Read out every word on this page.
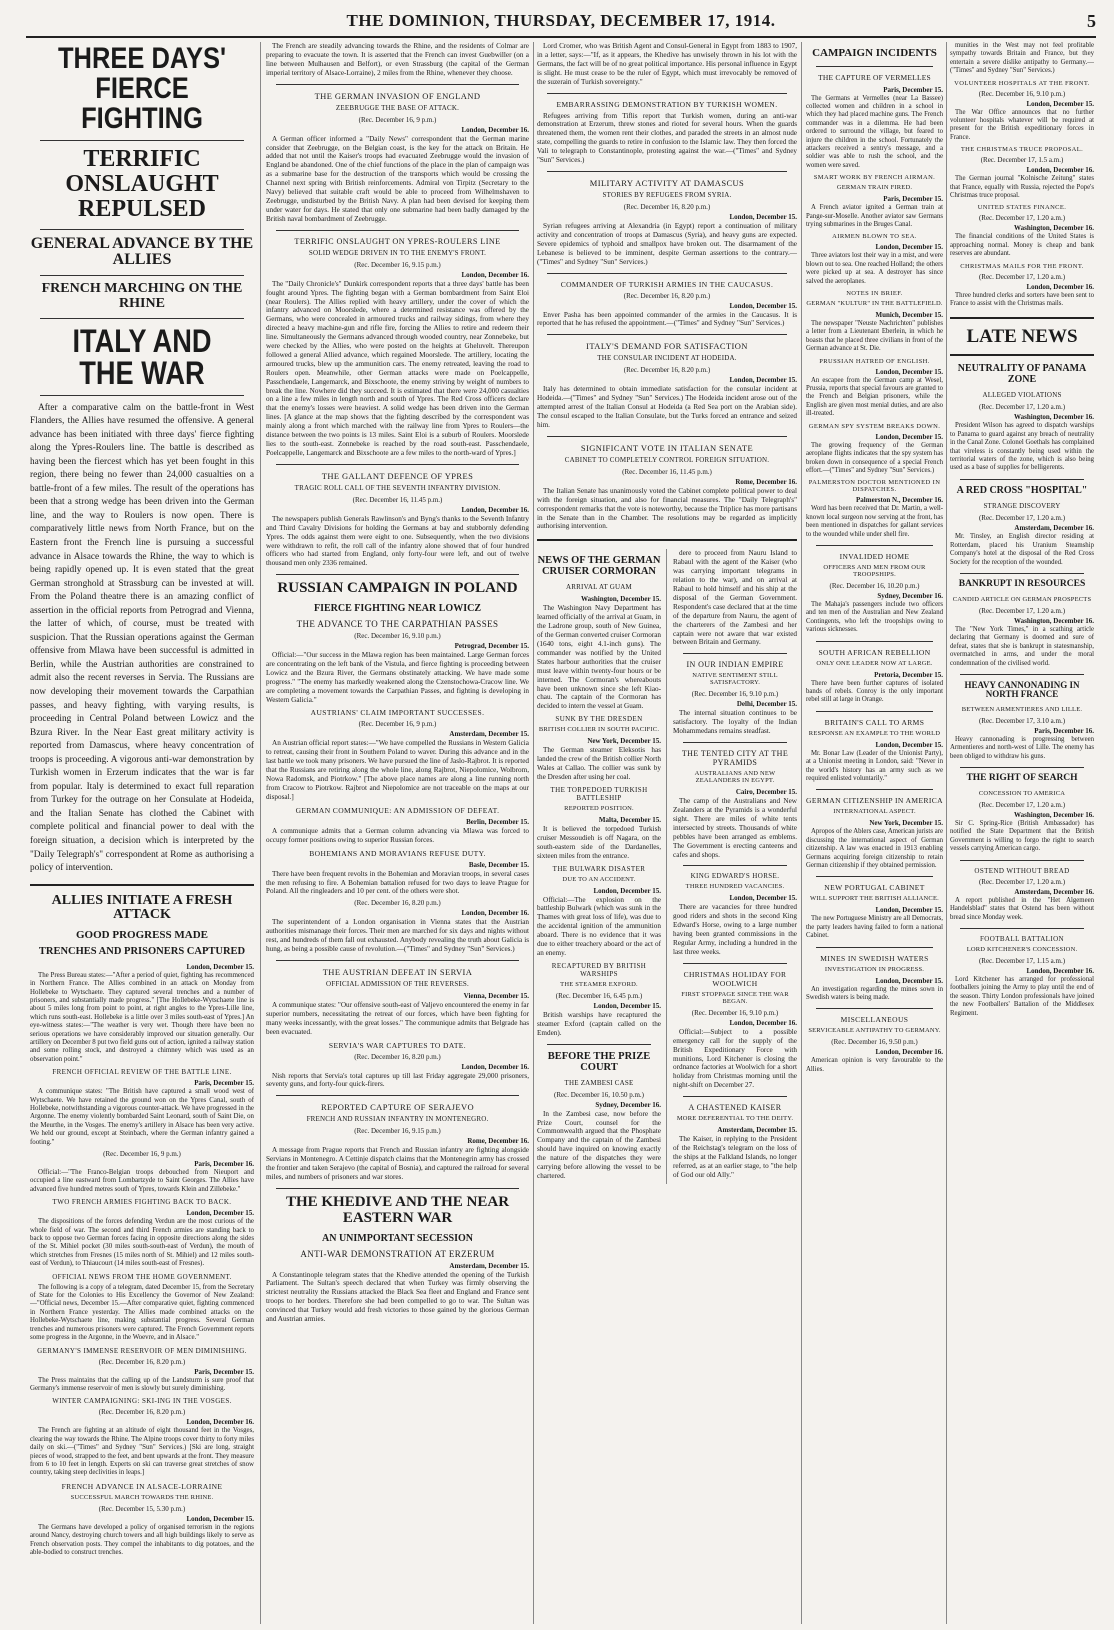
THE DOMINION, THURSDAY, DECEMBER 17, 1914.	5
THREE DAYS' FIERCE FIGHTING
TERRIFIC ONSLAUGHT REPULSED
GENERAL ADVANCE BY THE ALLIES
FRENCH MARCHING ON THE RHINE
ITALY AND THE WAR

After a comparative calm on the battle-front in West Flanders, the Allies have resumed the offensive. A general advance has been initiated with three days' fierce fighting along the Ypres-Roulers line. The battle is described as having been the fiercest which has yet been fought in this region, there being no fewer than 24,000 casualties on a battle-front of a few miles. The result of the operations has been that a strong wedge has been driven into the German line, and the way to Roulers is now open. There is comparatively little news from North France, but on the Eastern front the French line is pursuing a successful advance in Alsace towards the Rhine, the way to which is being rapidly opened up. It is even stated that the great German stronghold at Strassburg can be invested at will. From the Poland theatre there is an amazing conflict of assertion in the official reports from Petrograd and Vienna, the latter of which, of course, must be treated with suspicion. That the Russian operations against the German offensive from Mlawa have been successful is admitted in Berlin, while the Austrian authorities are constrained to admit also the recent reverses in Servia. The Russians are now developing their movement towards the Carpathian passes, and heavy fighting, with varying results, is proceeding in Central Poland between Lowicz and the Bzura River. In the Near East great military activity is reported from Damascus, where heavy concentration of troops is proceeding. A vigorous anti-war demonstration by Turkish women in Erzerum indicates that the war is far from popular. Italy is determined to exact full reparation from Turkey for the outrage on her Consulate at Hodeida, and the Italian Senate has clothed the Cabinet with complete political and financial power to deal with the foreign situation, a decision which is interpreted by the "Daily Telegraph's" correspondent at Rome as authorising a policy of intervention.

ALLIES INITIATE A FRESH ATTACK
GOOD PROGRESS MADE
TRENCHES AND PRISONERS CAPTURED
London, December 15.

The Press Bureau states:—"After a period of quiet, fighting has recommenced in Northern France. The Allies combined in an attack on Monday from Hollebeke to Wytschaete. They captured several trenches and a number of prisoners, and substantially made progress." [The Hollebeke-Wytschaete line is about 5 miles long from point to point, at right angles to the Ypres-Lille line, which runs south-east. Hollebeke is a little over 3 miles south-east of Ypres.] An eye-witness states:—"The weather is very wet. Though there have been no serious operations we have considerably improved our situation generally. Our artillery on December 8 put two field guns out of action, ignited a railway station and some rolling stock, and destroyed a chimney which was used as an observation point."

FRENCH OFFICIAL REVIEW OF THE BATTLE LINE.
Paris, December 15.

A communique states: "The British have captured a small wood west of Wytschaete. We have retained the ground won on the Ypres Canal, south of Hollebeke, notwithstanding a vigorous counter-attack. We have progressed in the Argonne. The enemy violently bombarded Saint Leonard, south of Saint Die, on the Meurthe, in the Vosges. The enemy's artillery in Alsace has been very active. We held our ground, except at Steinbach, where the German infantry gained a footing."

(Rec. December 16, 9 p.m.)
Paris, December 16.

Official:—"The Franco-Belgian troops debouched from Nieuport and occupied a line eastward from Lombartzyde to Saint Georges. The Allies have advanced five hundred metres south of Ypres, towards Klein and Zillebeke."

TWO FRENCH ARMIES FIGHTING BACK TO BACK.
London, December 15.

The dispositions of the forces defending Verdun are the most curious of the whole field of war. The second and third French armies are standing back to back to oppose two German forces facing in opposite directions along the sides of the St. Mihiel pocket (30 miles south-south-east of Verdun), the mouth of which stretches from Fresnes (15 miles north of St. Mihiel) and 12 miles south-east of Verdun), to Thiaucourt (14 miles south-east of Fresnes).

OFFICIAL NEWS FROM THE HOME GOVERNMENT.

The following is a copy of a telegram, dated December 15, from the Secretary of State for the Colonies to His Excellency the Governor of New Zealand:—"Official news, December 15.—After comparative quiet, fighting commenced in Northern France yesterday. The Allies made combined attacks on the Hollebeke-Wytschaete line, making substantial progress. Several German trenches and numerous prisoners were captured. The French Government reports some progress in the Argonne, in the Woevre, and in Alsace."

GERMANY'S IMMENSE RESERVOIR OF MEN DIMINISHING.
(Rec. December 16, 8.20 p.m.)
Paris, December 15.

The Press maintains that the calling up of the Landsturm is sure proof that Germany's immense reservoir of men is slowly but surely diminishing.

WINTER CAMPAIGNING: SKI-ING IN THE VOSGES.
(Rec. December 16, 8.20 p.m.)
London, December 16.

The French are fighting at an altitude of eight thousand feet in the Vosges, clearing the way towards the Rhine. The Alpine troops cover thirty to forty miles daily on ski.—("Times" and Sydney "Sun" Services.) [Ski are long, straight pieces of wood, strapped to the feet, and bent upwards at the front. They measure from 6 to 10 feet in length. Experts on ski can traverse great stretches of snow country, taking steep declivities in leaps.]

FRENCH ADVANCE IN ALSACE-LORRAINE
SUCCESSFUL MARCH TOWARDS THE RHINE.
(Rec. December 15, 5.30 p.m.)
London, December 15.

The Germans have developed a policy of organised terrorism in the regions around Nancy, destroying church towers and all high buildings likely to serve as French observation posts. They compel the inhabitants to dig potatoes, and the able-bodied to construct trenches.

The French are steadily advancing towards the Rhine, and the residents of Colmar are preparing to evacuate the town. It is asserted that the French can invest Guebwiller (on a line between Mulhausen and Belfort), or even Strassburg (the capital of the German imperial territory of Alsace-Lorraine), 2 miles from the Rhine, whenever they choose.

THE GERMAN INVASION OF ENGLAND
ZEEBRUGGE THE BASE OF ATTACK.
(Rec. December 16, 9 p.m.)
London, December 16.

A German officer informed a "Daily News" correspondent that the German marine consider that Zeebrugge, on the Belgian coast, is the key for the attack on Britain. He added that not until the Kaiser's troops had evacuated Zeebrugge would the invasion of England be abandoned. One of the chief functions of the place in the plan of campaign was as a submarine base for the destruction of the transports which would be crossing the Channel next spring with British reinforcements. Admiral von Tirpitz (Secretary to the Navy) believed that suitable craft would be able to proceed from Wilhelmshaven to Zeebrugge, undisturbed by the British Navy. A plan had been devised for keeping them under water for days. He stated that only one submarine had been badly damaged by the British naval bombardment of Zeebrugge.

TERRIFIC ONSLAUGHT ON YPRES-ROULERS LINE
SOLID WEDGE DRIVEN IN TO THE ENEMY'S FRONT.
(Rec. December 16, 9.15 p.m.)
London, December 16.

The "Daily Chronicle's" Dunkirk correspondent reports that a three days' battle has been fought around Ypres. The fighting began with a German bombardment from Saint Eloi (near Roulers). The Allies replied with heavy artillery, under the cover of which the infantry advanced on Moorslede, where a determined resistance was offered by the Germans, who were concealed in armoured trucks and railway sidings, from where they directed a heavy machine-gun and rifle fire, forcing the Allies to retire and redeem their line. Simultaneously the Germans advanced through wooded country, near Zonnebeke, but were checked by the Allies, who were posted on the heights at Gheluvelt. Thereupon followed a general Allied advance, which regained Moorslede. The artillery, locating the armoured trucks, blew up the ammunition cars. The enemy retreated, leaving the road to Roulers open. Meanwhile, other German attacks were made on Poelcappelle, Passchendaele, Langemarck, and Bixschoote, the enemy striving by weight of numbers to break the line. Nowhere did they succeed. It is estimated that there were 24,000 casualties on a line a few miles in length north and south of Ypres. The Red Cross officers declare that the enemy's losses were heaviest. A solid wedge has been driven into the German lines. [A glance at the map shows that the fighting described by the correspondent was mainly along a front which marched with the railway line from Ypres to Roulers—the distance between the two points is 13 miles. Saint Eloi is a suburb of Roulers. Moorslede lies to the south-east. Zonnebeke is reached by the road south-east. Passchendaele, Poelcappelle, Langemarck and Bixschoote are a few miles to the north-ward of Ypres.]

THE GALLANT DEFENCE OF YPRES
TRAGIC ROLL CALL OF THE SEVENTH INFANTRY DIVISION.
(Rec. December 16, 11.45 p.m.)
London, December 16.

The newspapers publish Generals Rawlinson's and Byng's thanks to the Seventh Infantry and Third Cavalry Divisions for holding the Germans at bay and stubbornly defending Ypres. The odds against them were eight to one. Subsequently, when the two divisions were withdrawn to refit, the roll call of the infantry alone showed that of four hundred officers who had started from England, only forty-four were left, and out of twelve thousand men only 2336 remained.

RUSSIAN CAMPAIGN IN POLAND
FIERCE FIGHTING NEAR LOWICZ
THE ADVANCE TO THE CARPATHIAN PASSES
(Rec. December 16, 9.10 p.m.)
Petrograd, December 15.

Official:—"Our success in the Mlawa region has been maintained. Large German forces are concentrating on the left bank of the Vistula, and fierce fighting is proceeding between Lowicz and the Bzura River, the Germans obstinately attacking. We have made some progress." "The enemy has markedly weakened along the Czenstochowa-Cracow line. We are completing a movement towards the Carpathian Passes, and fighting is developing in Western Galicia."

AUSTRIANS' CLAIM IMPORTANT SUCCESSES.
(Rec. December 16, 9 p.m.)
Amsterdam, December 15.

An Austrian official report states:—"We have compelled the Russians in Western Galicia to retreat, causing their front in Southern Poland to waver. During this advance and in the last battle we took many prisoners. We have pursued the line of Jaslo-Rajbrot. It is reported that the Russians are retiring along the whole line, along Rajbrot, Niepolomice, Wolbrom, Nowa Radomsk, and Piotrkow." [The above place names are along a line running north from Cracow to Piotrkow. Rajbrot and Niepolomice are not traceable on the maps at our disposal.]

GERMAN COMMUNIQUE: AN ADMISSION OF DEFEAT.
Berlin, December 15.

A communique admits that a German column advancing via Mlawa was forced to occupy former positions owing to superior Russian forces.

BOHEMIANS AND MORAVIANS REFUSE DUTY.
Basle, December 15.

There have been frequent revolts in the Bohemian and Moravian troops, in several cases the men refusing to fire. A Bohemian battalion refused for two days to leave Prague for Poland. All the ringleaders and 10 per cent. of the others were shot.

(Rec. December 16, 8.20 p.m.)
London, December 16.

The superintendent of a London organisation in Vienna states that the Austrian authorities mismanage their forces. Their men are marched for six days and nights without rest, and hundreds of them fall out exhausted. Anybody revealing the truth about Galicia is hung, as being a possible cause of revolution.—("Times" and Sydney "Sun" Services.)

THE AUSTRIAN DEFEAT IN SERVIA
OFFICIAL ADMISSION OF THE REVERSES.
Vienna, December 15.

A communique states: "Our offensive south-east of Valjevo encountered the enemy in far superior numbers, necessitating the retreat of our forces, which have been fighting for many weeks incessantly, with the great losses." The communique admits that Belgrade has been evacuated.

SERVIA'S WAR CAPTURES TO DATE.
(Rec. December 16, 8.20 p.m.)
London, December 16.

Nish reports that Servia's total captures up till last Friday aggregate 29,000 prisoners, seventy guns, and forty-four quick-firers.

REPORTED CAPTURE OF SERAJEVO
FRENCH AND RUSSIAN INFANTRY IN MONTENEGRO.
(Rec. December 16, 9.15 p.m.)
Rome, December 16.

A message from Prague reports that French and Russian infantry are fighting alongside Servians in Montenegro. A Cettinje dispatch claims that the Montenegrin army has crossed the frontier and taken Serajevo (the capital of Bosnia), and captured the railroad for several miles, and numbers of prisoners and war stores.

THE KHEDIVE AND THE NEAR EASTERN WAR
AN UNIMPORTANT SECESSION
ANTI-WAR DEMONSTRATION AT ERZERUM
Amsterdam, December 15.

A Constantinople telegram states that the Khedive attended the opening of the Turkish Parliament. The Sultan's speech declared that when Turkey was firmly observing the strictest neutrality the Russians attacked the Black Sea fleet and England and France sent troops to her borders. Therefore she had been compelled to go to war. The Sultan was convinced that Turkey would add fresh victories to those gained by the glorious German and Austrian armies.

Lord Cromer, who was British Agent and Consul-General in Egypt from 1883 to 1907, in a letter, says:—"If, as it appears, the Khedive has unwisely thrown in his lot with the Germans, the fact will be of no great political importance. His personal influence in Egypt is slight. He must cease to be the ruler of Egypt, which must irrevocably be removed of the suzerain of Turkish sovereignty."

EMBARRASSING DEMONSTRATION BY TURKISH WOMEN.

Refugees arriving from Tiflis report that Turkish women, during an anti-war demonstration at Erzerum, threw stones and rioted for several hours. When the guards threatened them, the women rent their clothes, and paraded the streets in an almost nude state, compelling the guards to retire in confusion to the Islamic law. They then forced the Vali to telegraph to Constantinople, protesting against the war.—("Times" and Sydney "Sun" Services.)

MILITARY ACTIVITY AT DAMASCUS
STORIES BY REFUGEES FROM SYRIA.
(Rec. December 16, 8.20 p.m.)
London, December 15.

Syrian refugees arriving at Alexandria (in Egypt) report a continuation of military activity and concentration of troops at Damascus (Syria), and heavy guns are expected. Severe epidemics of typhoid and smallpox have broken out. The disarmament of the Lebanese is believed to be imminent, despite German assertions to the contrary.—("Times" and Sydney "Sun" Services.)

COMMANDER OF TURKISH ARMIES IN THE CAUCASUS.
(Rec. December 16, 8.20 p.m.)
London, December 15.

Enver Pasha has been appointed commander of the armies in the Caucasus. It is reported that he has refused the appointment.—("Times" and Sydney "Sun" Services.)

ITALY'S DEMAND FOR SATISFACTION
THE CONSULAR INCIDENT AT HODEIDA.
(Rec. December 16, 8.20 p.m.)
London, December 15.

Italy has determined to obtain immediate satisfaction for the consular incident at Hodeida.—("Times" and Sydney "Sun" Services.) The Hodeida incident arose out of the attempted arrest of the Italian Consul at Hodeida (a Red Sea port on the Arabian side). The consul escaped to the Italian Consulate, but the Turks forced an entrance and seized him.

SIGNIFICANT VOTE IN ITALIAN SENATE
CABINET TO COMPLETELY CONTROL FOREIGN SITUATION.
(Rec. December 16, 11.45 p.m.)
Rome, December 16.

The Italian Senate has unanimously voted the Cabinet complete political power to deal with the foreign situation, and also for financial measures. The "Daily Telegraph's" correspondent remarks that the vote is noteworthy, because the Triplice has more partisans in the Senate than in the Chamber. The resolutions may be regarded as implicitly authorising intervention.

NEWS OF THE GERMAN CRUISER CORMORAN
ARRIVAL AT GUAM
Washington, December 15.

The Washington Navy Department has learned officially of the arrival at Guam, in the Ladrone group, south of New Guinea, of the German converted cruiser Cormoran (1640 tons, eight 4.1-inch guns). The commander was notified by the United States harbour authorities that the cruiser must leave within twenty-four hours or be interned. The Cormoran's whereabouts have been unknown since she left Kiao-chau. The captain of the Cormoran has decided to intern the vessel at Guam.

SUNK BY THE DRESDEN
BRITISH COLLIER IN SOUTH PACIFIC.
New York, December 15.

The German steamer Eleksotis has landed the crew of the British collier North Wales at Callao. The collier was sunk by the Dresden after using her coal.

THE TORPEDOED TURKISH BATTLESHIP
REPORTED POSITION.
Malta, December 15.

It is believed the torpedoed Turkish cruiser Messoudieh is off Nagara, on the south-eastern side of the Dardanelles, sixteen miles from the entrance.

THE BULWARK DISASTER
DUE TO AN ACCIDENT.
London, December 15.

Official:—The explosion on the battleship Bulwark (which was sunk in the Thames with great loss of life), was due to the accidental ignition of the ammunition aboard. There is no evidence that it was due to either treachery aboard or the act of an enemy.

RECAPTURED BY BRITISH WARSHIPS
THE STEAMER EXFORD.
(Rec. December 16, 6.45 p.m.)
London, December 15.

British warships have recaptured the steamer Exford (captain called on the Emden).

BEFORE THE PRIZE COURT
THE ZAMBESI CASE
(Rec. December 16, 10.50 p.m.)
Sydney, December 16.

In the Zambesi case, now before the Prize Court, counsel for the Commonwealth argued that the Phosphate Company and the captain of the Zambesi should have inquired on knowing exactly the nature of the dispatches they were carrying before allowing the vessel to be chartered.

dere to proceed from Nauru Island to Rabaul with the agent of the Kaiser (who was carrying important telegrams in relation to the war), and on arrival at Rabaul to hold himself and his ship at the disposal of the German Government. Respondent's case declared that at the time of the departure from Nauru, the agent of the charterers of the Zambesi and her captain were not aware that war existed between Britain and Germany.

IN OUR INDIAN EMPIRE
NATIVE SENTIMENT STILL SATISFACTORY.
(Rec. December 16, 9.10 p.m.)
Delhi, December 15.

The internal situation continues to be satisfactory. The loyalty of the Indian Mohammedans remains steadfast.

THE TENTED CITY AT THE PYRAMIDS
AUSTRALIANS AND NEW ZEALANDERS IN EGYPT.
Cairo, December 15.

The camp of the Australians and New Zealanders at the Pyramids is a wonderful sight. There are miles of white tents intersected by streets. Thousands of white pebbles have been arranged as emblems. The Government is erecting canteens and cafes and shops.

KING EDWARD'S HORSE.
THREE HUNDRED VACANCIES.
London, December 15.

There are vacancies for three hundred good riders and shots in the second King Edward's Horse, owing to a large number having been granted commissions in the Regular Army, including a hundred in the last three weeks.

CHRISTMAS HOLIDAY FOR WOOLWICH
FIRST STOPPAGE SINCE THE WAR BEGAN.
(Rec. December 16, 9.10 p.m.)
London, December 16.

Official:—Subject to a possible emergency call for the supply of the British Expeditionary Force with munitions, Lord Kitchener is closing the ordnance factories at Woolwich for a short holiday from Christmas morning until the night-shift on December 27.

A CHASTENED KAISER
MORE DEFERENTIAL TO THE DEITY.
Amsterdam, December 15.

The Kaiser, in replying to the President of the Reichstag's telegram on the loss of the ships at the Falkland Islands, no longer referred, as at an earlier stage, to "the help of God our old Ally."

CAMPAIGN INCIDENTS
THE CAPTURE OF VERMELLES
Paris, December 15.

The Germans at Vermelles (near La Bassee) collected women and children in a school in which they had placed machine guns. The French commander was in a dilemma. He had been ordered to surround the village, but feared to injure the children in the school. Fortunately the attackers received a sentry's message, and a soldier was able to rush the school, and the women were saved.

SMART WORK BY FRENCH AIRMAN.
GERMAN TRAIN FIRED.
Paris, December 15.

A French aviator ignited a German train at Pange-sur-Moselle. Another aviator saw Germans trying submarines in the Bruges Canal.

AIRMEN BLOWN TO SEA.
London, December 15.

Three aviators lost their way in a mist, and were blown out to sea. One reached Holland; the others were picked up at sea. A destroyer has since salved the aeroplanes.

NOTES IN BRIEF.
GERMAN "KULTUR" IN THE BATTLEFIELD.
Munich, December 15.

The newspaper "Neuste Nachrichten" publishes a letter from a Lieutenant Eberlein, in which he boasts that he placed three civilians in front of the German advance at St. Die.

PRUSSIAN HATRED OF ENGLISH.
London, December 15.

An escapee from the German camp at Wesel, Prussia, reports that special favours are granted to the French and Belgian prisoners, while the English are given most menial duties, and are also ill-treated.

GERMAN SPY SYSTEM BREAKS DOWN.
London, December 15.

The growing frequency of the German aeroplane flights indicates that the spy system has broken down in consequence of a special French effort.—("Times" and Sydney "Sun" Services.)

PALMERSTON DOCTOR MENTIONED IN DISPATCHES.
Palmerston N., December 16.

Word has been received that Dr. Martin, a well-known local surgeon now serving at the front, has been mentioned in dispatches for gallant services to the wounded while under shell fire.

INVALIDED HOME
OFFICERS AND MEN FROM OUR TROOPSHIPS.
(Rec. December 16, 10.20 p.m.)
Sydney, December 16.

The Mahaja's passengers include two officers and ten men of the Australian and New Zealand Contingents, who left the troopships owing to various sicknesses.

SOUTH AFRICAN REBELLION
ONLY ONE LEADER NOW AT LARGE.
Pretoria, December 15.

There have been further captures of isolated bands of rebels. Conroy is the only important rebel still at large in Orange.

BRITAIN'S CALL TO ARMS
RESPONSE AN EXAMPLE TO THE WORLD
London, December 15.

Mr. Bonar Law (Leader of the Unionist Party), at a Unionist meeting in London, said: "Never in the world's history has an army such as we required enlisted voluntarily."

GERMAN CITIZENSHIP IN AMERICA
INTERNATIONAL ASPECT.
New York, December 15.

Apropos of the Ablers case, American jurists are discussing the international aspect of German citizenship. A law was enacted in 1913 enabling Germans acquiring foreign citizenship to retain German citizenship if they obtained permission.

NEW PORTUGAL CABINET
WILL SUPPORT THE BRITISH ALLIANCE.
London, December 15.

The new Portuguese Ministry are all Democrats, the party leaders having failed to form a national Cabinet.

MINES IN SWEDISH WATERS
INVESTIGATION IN PROGRESS.
London, December 15.

An investigation regarding the mines sown in Swedish waters is being made.

MISCELLANEOUS
SERVICEABLE ANTIPATHY TO GERMANY.
(Rec. December 16, 9.50 p.m.)
London, December 16.

American opinion is very favourable to the Allies.

munities in the West may not feel profitable sympathy towards Britain and France, but they entertain a severe dislike antipathy to Germany.—("Times" and Sydney "Sun" Services.)

VOLUNTEER HOSPITALS AT THE FRONT.
(Rec. December 16, 9.10 p.m.)
London, December 15.

The War Office announces that no further volunteer hospitals whatever will be required at present for the British expeditionary forces in France.

THE CHRISTMAS TRUCE PROPOSAL.
(Rec. December 17, 1.5 a.m.)
London, December 16.

The German journal "Kolnische Zeitung" states that France, equally with Russia, rejected the Pope's Christmas truce proposal.

UNITED STATES FINANCE.
(Rec. December 17, 1.20 a.m.)
Washington, December 16.

The financial conditions of the United States is approaching normal. Money is cheap and bank reserves are abundant.

CHRISTMAS MAILS FOR THE FRONT.
(Rec. December 17, 1.20 a.m.)
London, December 16.

Three hundred clerks and sorters have been sent to France to assist with the Christmas mails.

LATE NEWS
NEUTRALITY OF PANAMA ZONE
ALLEGED VIOLATIONS
(Rec. December 17, 1.20 a.m.)
Washington, December 16.

President Wilson has agreed to dispatch warships to Panama to guard against any breach of neutrality in the Canal Zone. Colonel Goethals has complained that vireless is constantly being used within the territorial waters of the zone, which is also being used as a base of supplies for belligerents.

A RED CROSS "HOSPITAL"
STRANGE DISCOVERY
(Rec. December 17, 1.20 a.m.)
Amsterdam, December 16.

Mr. Tinsley, an English director residing at Rotterdam, placed his Uranium Steamship Company's hotel at the disposal of the Red Cross Society for the reception of the wounded.

BANKRUPT IN RESOURCES
CANDID ARTICLE ON GERMAN PROSPECTS
(Rec. December 17, 1.20 a.m.)
Washington, December 16.

The "New York Times," in a scathing article declaring that Germany is doomed and sure of defeat, states that she is bankrupt in statesmanship, overmatched in arms, and under the moral condemnation of the civilised world.

HEAVY CANNONADING IN NORTH FRANCE
BETWEEN ARMENTIERES AND LILLE.
(Rec. December 17, 3.10 a.m.)
Paris, December 16.

Heavy cannonading is progressing between Armentieres and north-west of Lille. The enemy has been obliged to withdraw his guns.

THE RIGHT OF SEARCH
CONCESSION TO AMERICA
(Rec. December 17, 1.20 a.m.)
Washington, December 16.

Sir C. Spring-Rice (British Ambassador) has notified the State Department that the British Government is willing to forgo the right to search vessels carrying American cargo.

OSTEND WITHOUT BREAD
(Rec. December 17, 1.20 a.m.)
Amsterdam, December 16.

A report published in the "Het Algemeen Handelsblad" states that Ostend has been without bread since Monday week.

FOOTBALL BATTALION
LORD KITCHENER'S CONCESSION.
(Rec. December 17, 1.15 a.m.)
London, December 16.

Lord Kitchener has arranged for professional footballers joining the Army to play until the end of the season. Thirty London professionals have joined the new Footballers' Battalion of the Middlesex Regiment.
